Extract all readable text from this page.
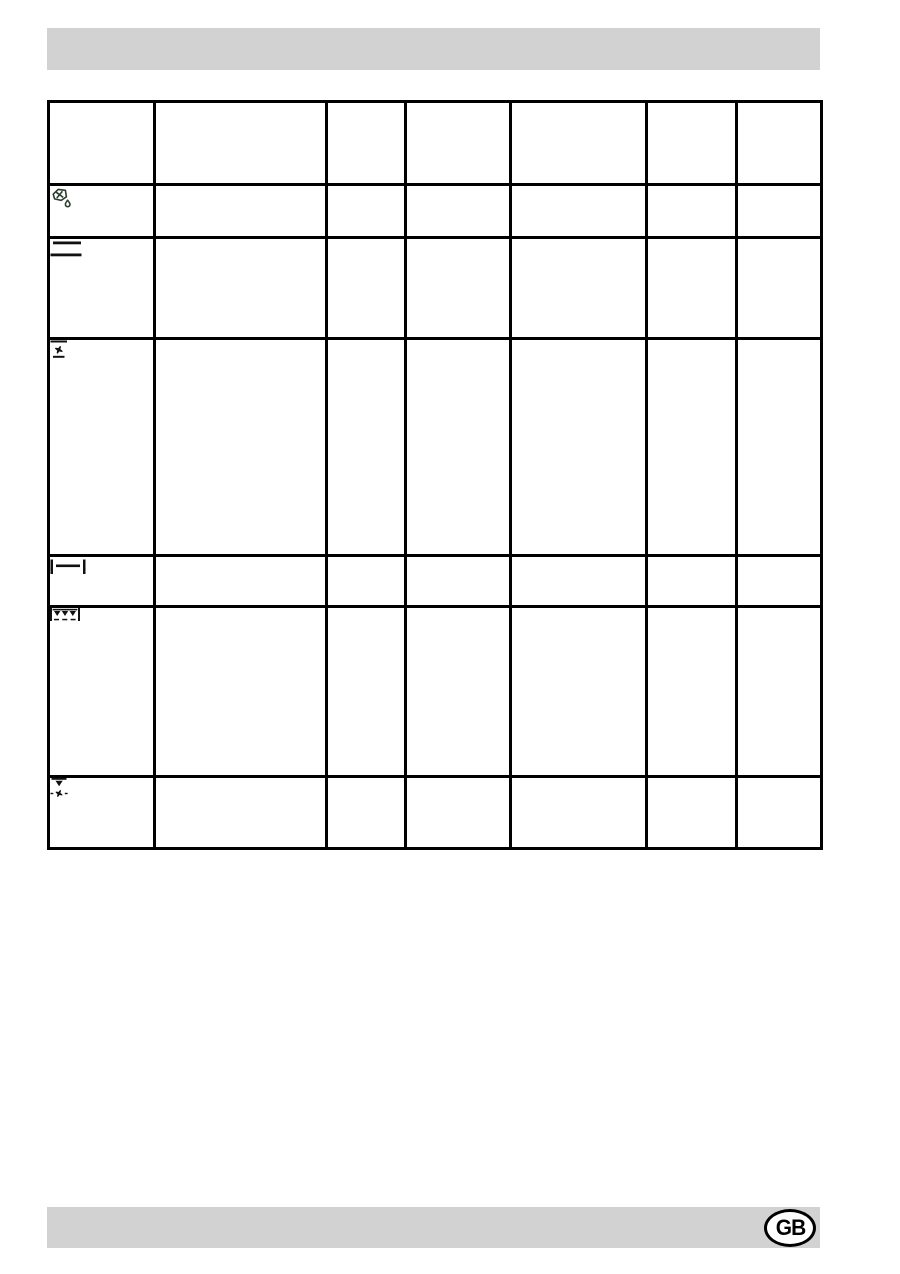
GB
